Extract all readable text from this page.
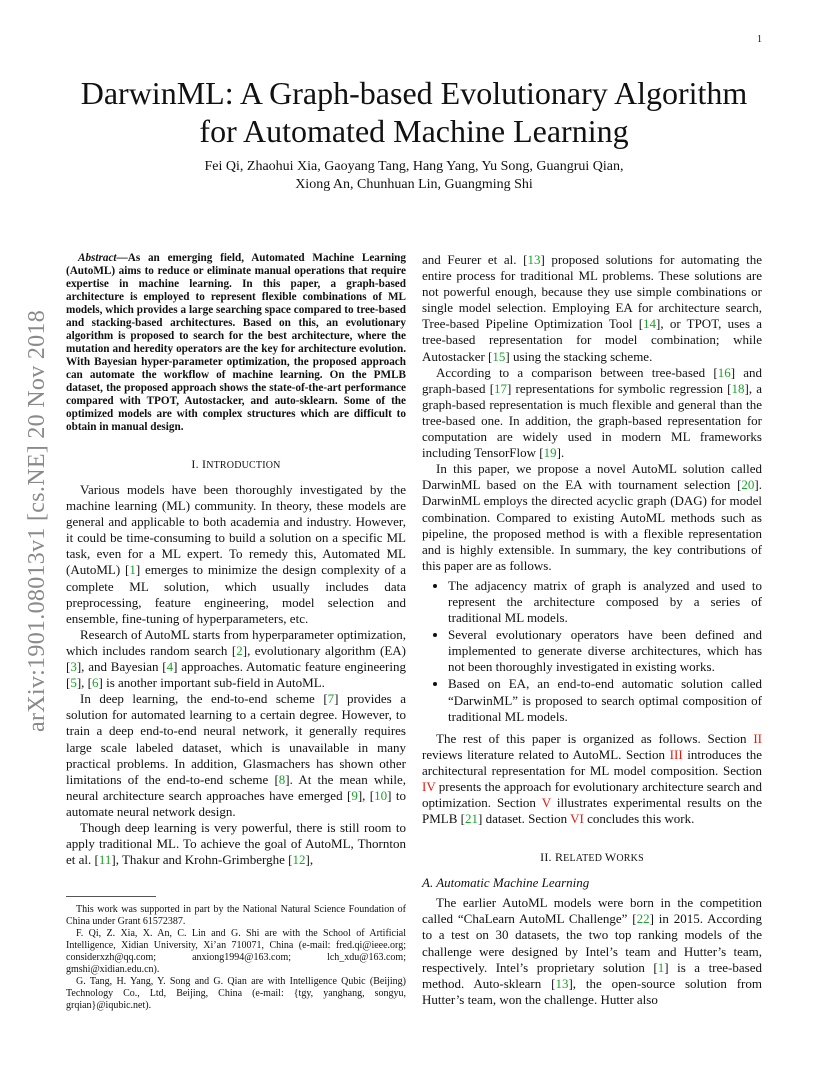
1
arXiv:1901.08013v1 [cs.NE] 20 Nov 2018
DarwinML: A Graph-based Evolutionary Algorithm
for Automated Machine Learning
Fei Qi, Zhaohui Xia, Gaoyang Tang, Hang Yang, Yu Song, Guangrui Qian,
Xiong An, Chunhuan Lin, Guangming Shi

Abstract—As an emerging field, Automated Machine Learning (AutoML) aims to reduce or eliminate manual operations that require expertise in machine learning. In this paper, a graph-based architecture is employed to represent flexible combinations of ML models, which provides a large searching space compared to tree-based and stacking-based architectures. Based on this, an evolutionary algorithm is proposed to search for the best architecture, where the mutation and heredity operators are the key for architecture evolution. With Bayesian hyper-parameter optimization, the proposed approach can automate the workflow of machine learning. On the PMLB dataset, the proposed approach shows the state-of-the-art performance compared with TPOT, Autostacker, and auto-sklearn. Some of the optimized models are with complex structures which are difficult to obtain in manual design.

I. INTRODUCTION

Various models have been thoroughly investigated by the machine learning (ML) community. In theory, these models are general and applicable to both academia and industry. However, it could be time-consuming to build a solution on a specific ML task, even for a ML expert. To remedy this, Automated ML (AutoML) [1] emerges to minimize the design complexity of a complete ML solution, which usually includes data preprocessing, feature engineering, model selection and ensemble, fine-tuning of hyperparameters, etc.

Research of AutoML starts from hyperparameter optimization, which includes random search [2], evolutionary algorithm (EA) [3], and Bayesian [4] approaches. Automatic feature engineering [5], [6] is another important sub-field in AutoML.

In deep learning, the end-to-end scheme [7] provides a solution for automated learning to a certain degree. However, to train a deep end-to-end neural network, it generally requires large scale labeled dataset, which is unavailable in many practical problems. In addition, Glasmachers has shown other limitations of the end-to-end scheme [8]. At the mean while, neural architecture search approaches have emerged [9], [10] to automate neural network design.

Though deep learning is very powerful, there is still room to apply traditional ML. To achieve the goal of AutoML, Thornton et al. [11], Thakur and Krohn-Grimberghe [12],

This work was supported in part by the National Natural Science Foundation of China under Grant 61572387.

F. Qi, Z. Xia, X. An, C. Lin and G. Shi are with the School of Artificial Intelligence, Xidian University, Xi’an 710071, China (e-mail: fred.qi@ieee.org; considerxzh@qq.com; anxiong1994@163.com; lch_xdu@163.com; gmshi@xidian.edu.cn).

G. Tang, H. Yang, Y. Song and G. Qian are with Intelligence Qubic (Beijing) Technology Co., Ltd, Beijing, China (e-mail: {tgy, yanghang, songyu, grqian}@iqubic.net).

and Feurer et al. [13] proposed solutions for automating the entire process for traditional ML problems. These solutions are not powerful enough, because they use simple combinations or single model selection. Employing EA for architecture search, Tree-based Pipeline Optimization Tool [14], or TPOT, uses a tree-based representation for model combination; while Autostacker [15] using the stacking scheme.

According to a comparison between tree-based [16] and graph-based [17] representations for symbolic regression [18], a graph-based representation is much flexible and general than the tree-based one. In addition, the graph-based representation for computation are widely used in modern ML frameworks including TensorFlow [19].

In this paper, we propose a novel AutoML solution called DarwinML based on the EA with tournament selection [20]. DarwinML employs the directed acyclic graph (DAG) for model combination. Compared to existing AutoML methods such as pipeline, the proposed method is with a flexible representation and is highly extensible. In summary, the key contributions of this paper are as follows.

• The adjacency matrix of graph is analyzed and used to represent the architecture composed by a series of traditional ML models.
• Several evolutionary operators have been defined and implemented to generate diverse architectures, which has not been thoroughly investigated in existing works.
• Based on EA, an end-to-end automatic solution called “DarwinML” is proposed to search optimal composition of traditional ML models.

The rest of this paper is organized as follows. Section II reviews literature related to AutoML. Section III introduces the architectural representation for ML model composition. Section IV presents the approach for evolutionary architecture search and optimization. Section V illustrates experimental results on the PMLB [21] dataset. Section VI concludes this work.

II. RELATED WORKS
A. Automatic Machine Learning

The earlier AutoML models were born in the competition called “ChaLearn AutoML Challenge” [22] in 2015. According to a test on 30 datasets, the two top ranking models of the challenge were designed by Intel’s team and Hutter’s team, respectively. Intel’s proprietary solution [1] is a tree-based method. Auto-sklearn [13], the open-source solution from Hutter’s team, won the challenge. Hutter also
